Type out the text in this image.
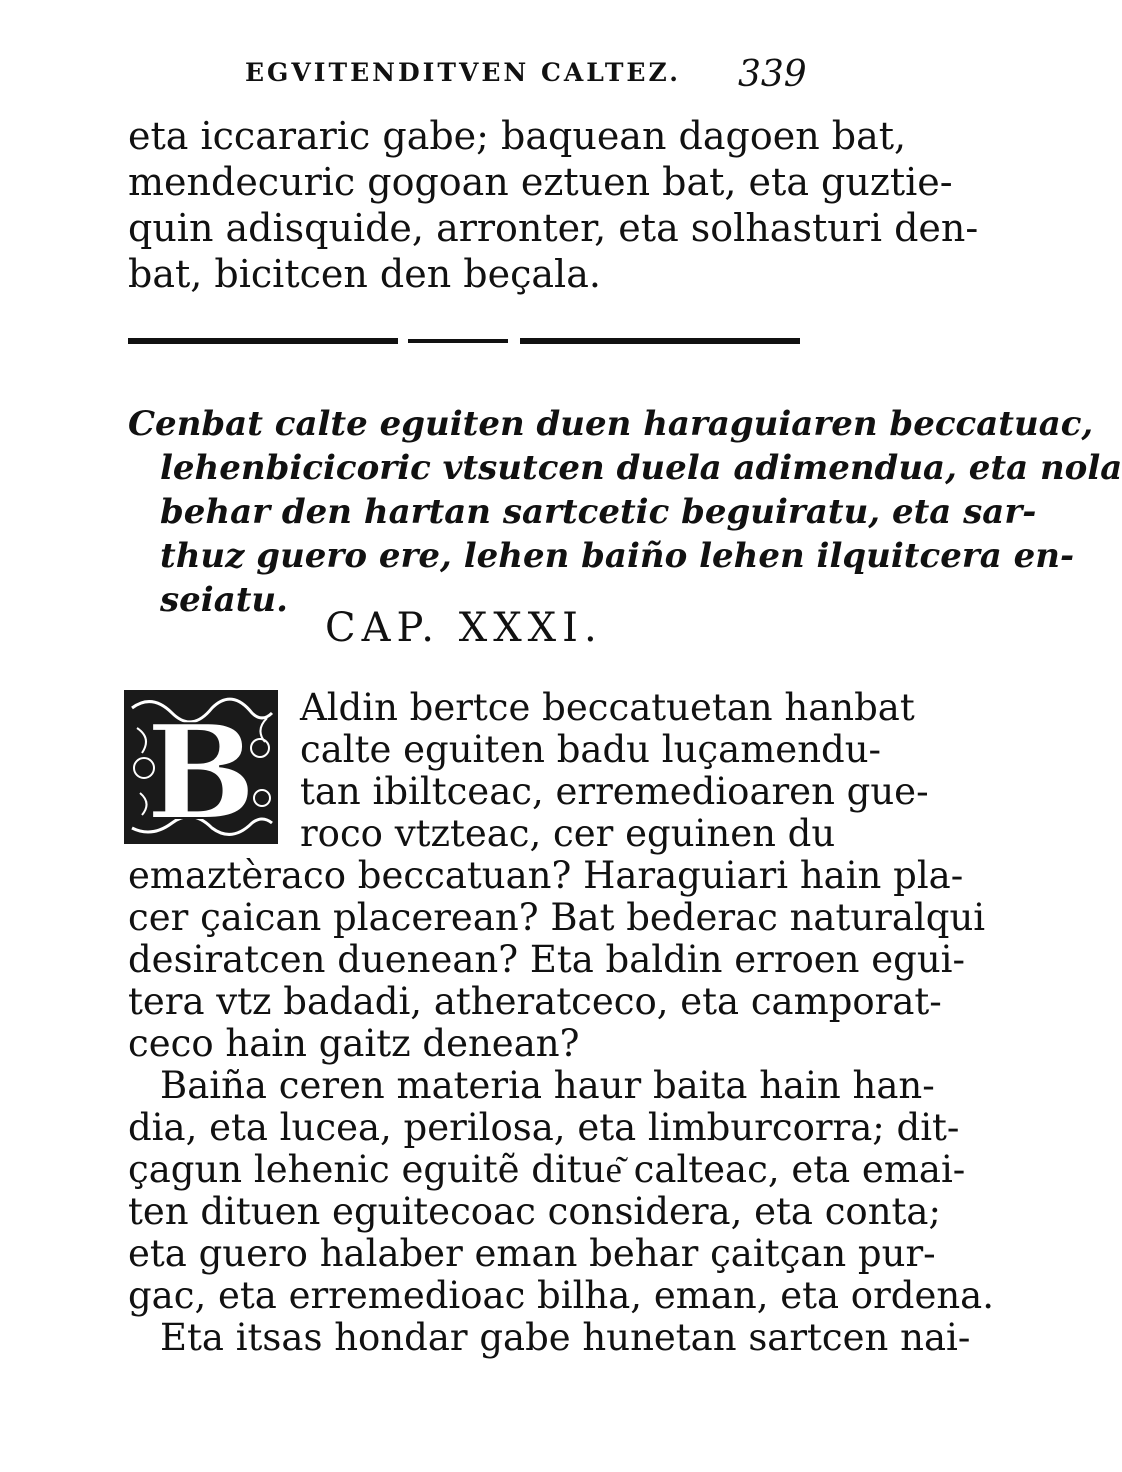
EGVITENDITVEN CALTEZ. 339
eta iccararic gabe; baquean dagoen bat,
mendecuric gogoan eztuen bat, eta guztie-
quin adisquide, arronter, eta solhasturi den-
bat, bicitcen den beçala.
Cenbat calte eguiten duen haraguiaren beccatuac,
lehenbicicoric vtsutcen duela adimendua, eta nola
behar den hartan sartcetic beguiratu, eta sar-
thuz guero ere, lehen baiño lehen ilquitcera en-
seiatu.
CAP. XXXI.
B Aldin bertce beccatuetan hanbat
calte eguiten badu luçamendu-
tan ibiltceac, erremedioaren gue-
roco vtzteac, cer eguinen du
emaztèraco beccatuan? Haraguiari hain pla-
cer çaican placerean? Bat bederac naturalqui
desiratcen duenean? Eta baldin erroen egui-
tera vtz badadi, atheratceco, eta camporat-
ceco hain gaitz denean?
Baiña ceren materia haur baita hain han-
dia, eta lucea, perilosa, eta limburcorra; dit-
çagun lehenic eguitẽ ditue͂ calteac, eta emai-
ten dituen eguitecoac considera, eta conta;
eta guero halaber eman behar çaitçan pur-
gac, eta erremedioac bilha, eman, eta ordena.
Eta itsas hondar gabe hunetan sartcen nai-
